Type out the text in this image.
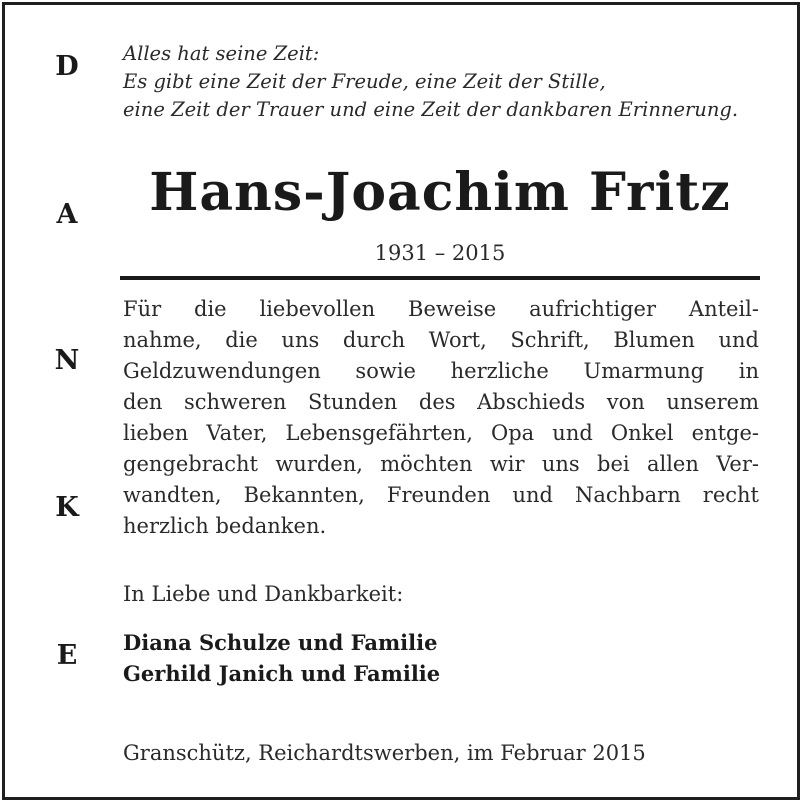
D
A
N
K
E
Alles hat seine Zeit:
Es gibt eine Zeit der Freude, eine Zeit der Stille,
eine Zeit der Trauer und eine Zeit der dankbaren Erinnerung.
Hans-Joachim Fritz
1931 – 2015
Für die liebevollen Beweise aufrichtiger Anteil-
nahme, die uns durch Wort, Schrift, Blumen und
Geldzuwendungen sowie herzliche Umarmung in
den schweren Stunden des Abschieds von unserem
lieben Vater, Lebensgefährten, Opa und Onkel entge-
gengebracht wurden, möchten wir uns bei allen Ver-
wandten, Bekannten, Freunden und Nachbarn recht
herzlich bedanken.
In Liebe und Dankbarkeit:
Diana Schulze und Familie
Gerhild Janich und Familie
Granschütz, Reichardtswerben, im Februar 2015
